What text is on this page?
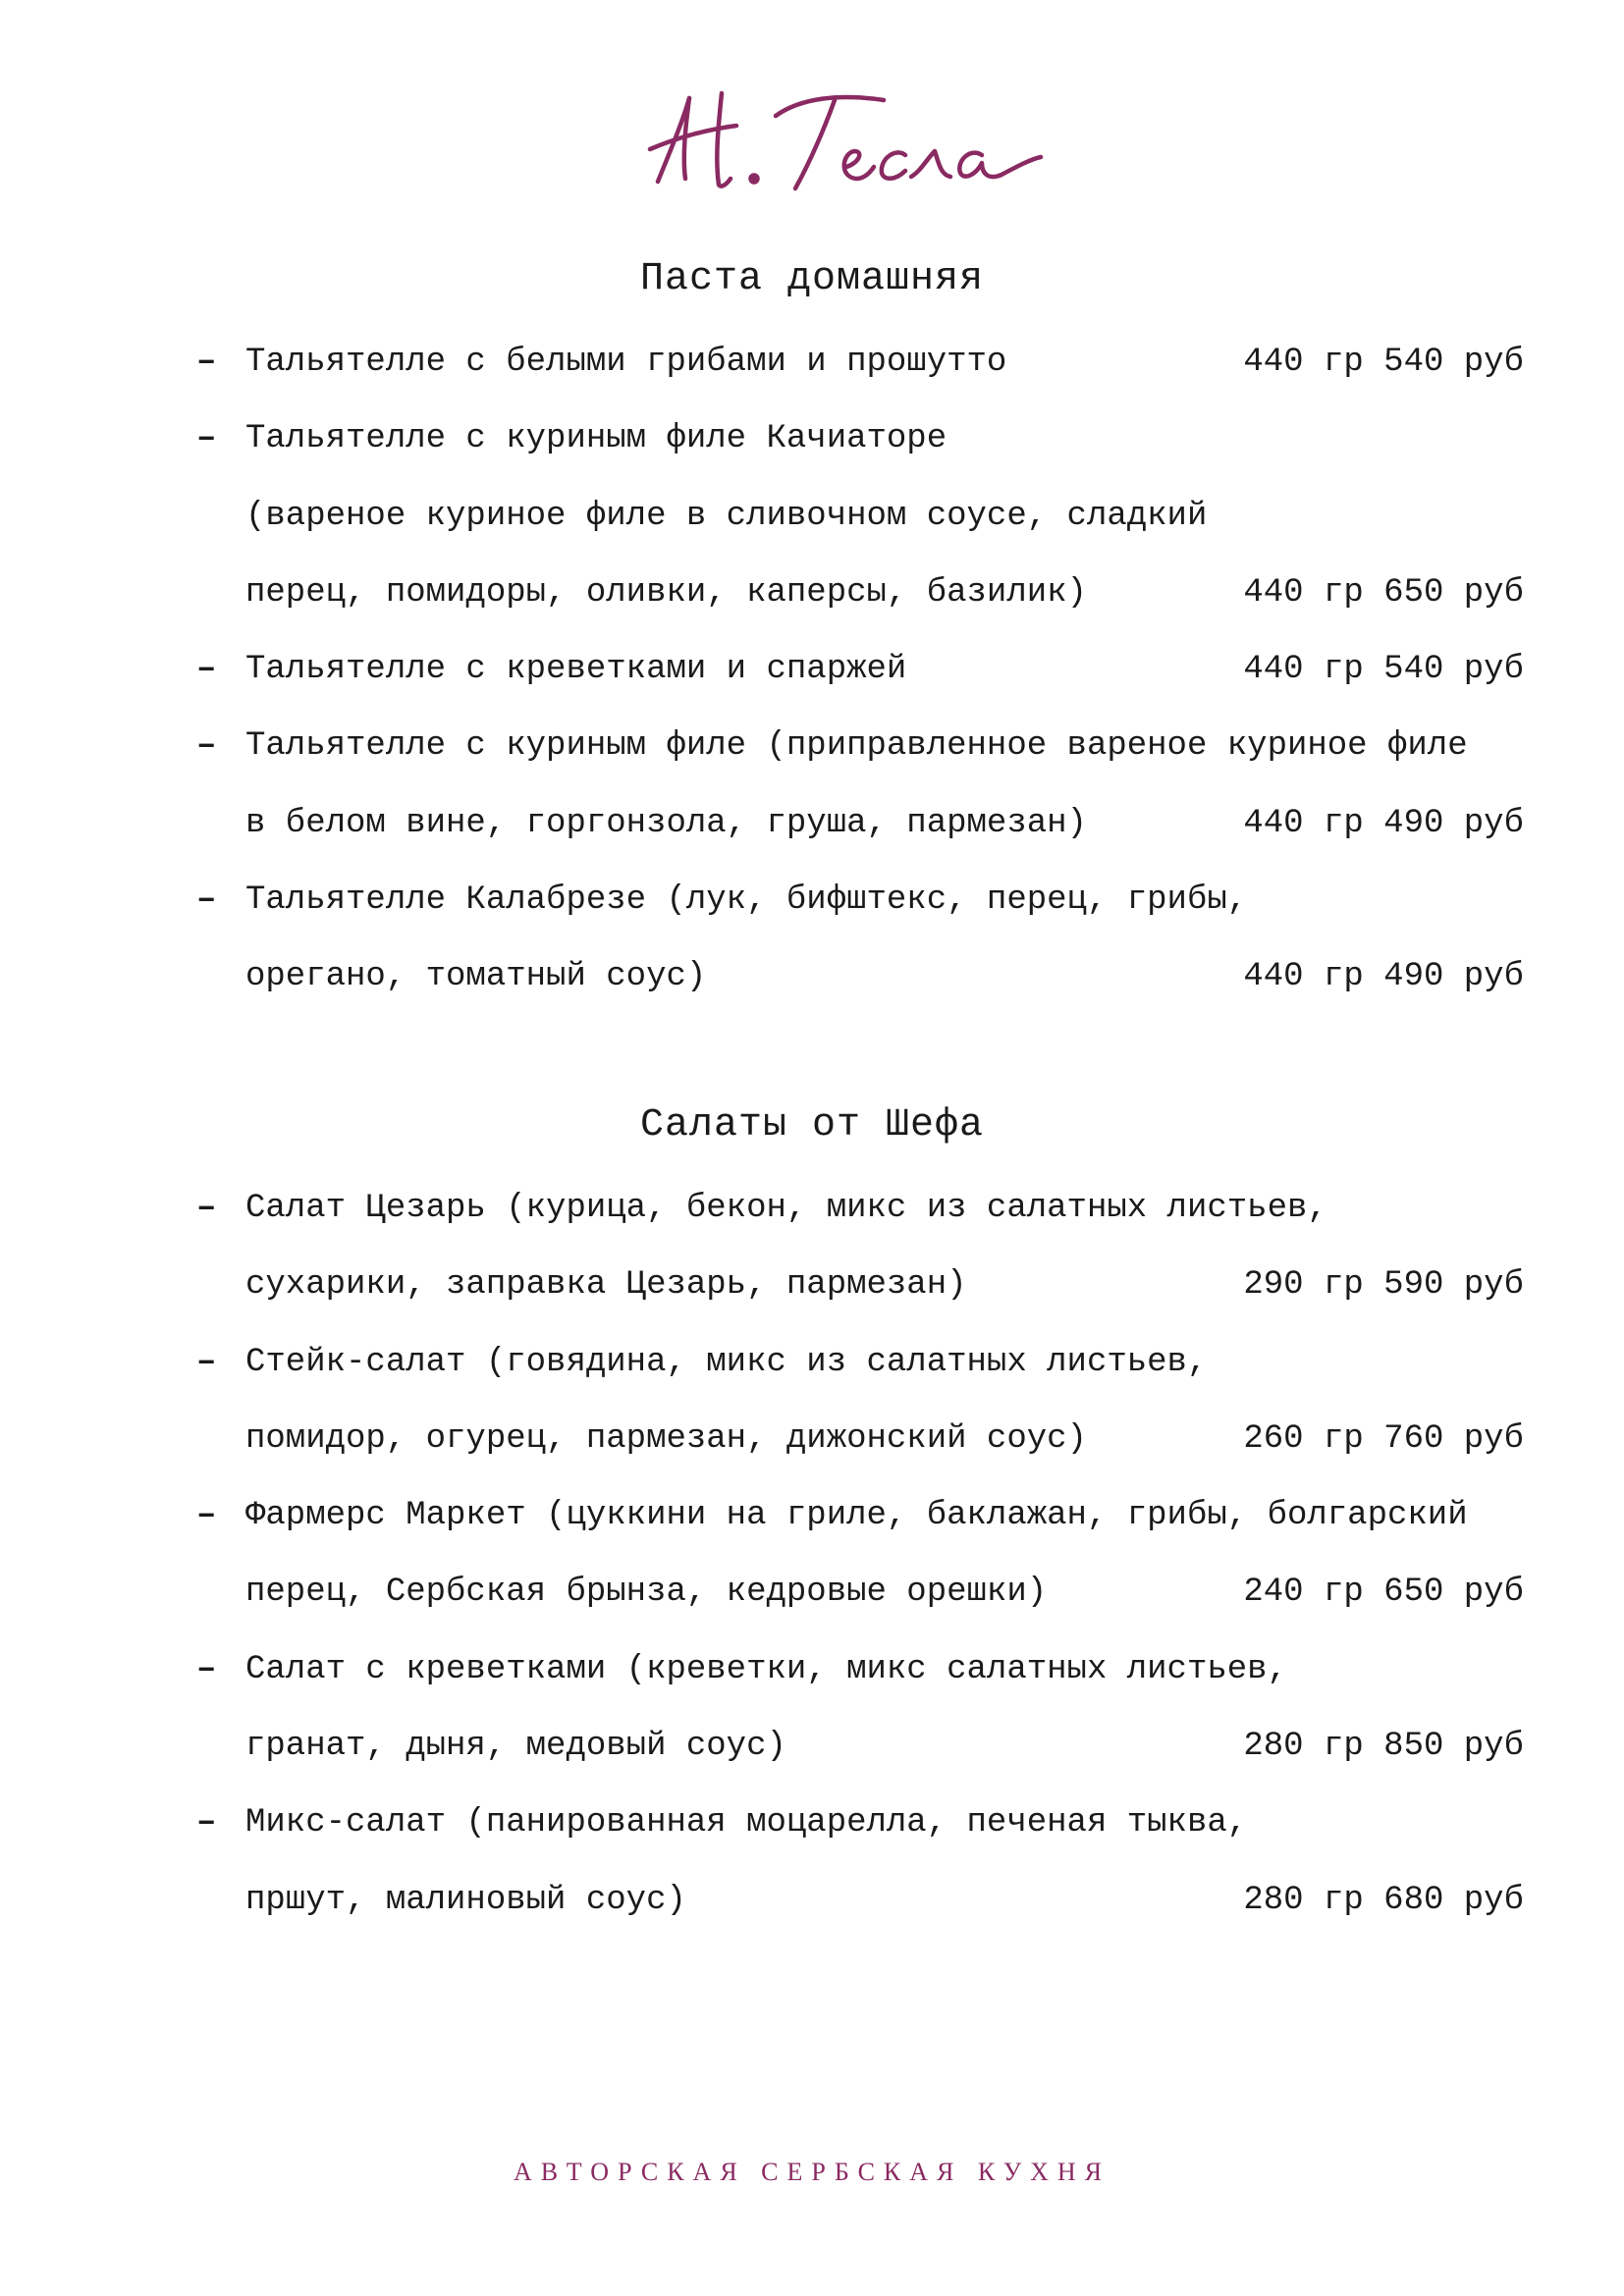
Паста домашняя
– Тальятелле с белыми грибами и прошутто	440 гр 540 руб
– Тальятелле с куриным филе Качиаторе
(вареное куриное филе в сливочном соусе, сладкий
перец, помидоры, оливки, каперсы, базилик)	440 гр 650 руб
– Тальятелле с креветками и спаржей	440 гр 540 руб
– Тальятелле с куриным филе (приправленное вареное куриное филе
в белом вине, горгонзола, груша, пармезан)	440 гр 490 руб
– Тальятелле Калабрезе (лук, бифштекс, перец, грибы,
орегано, томатный соус)	440 гр 490 руб
Салаты от Шефа
– Салат Цезарь (курица, бекон, микс из салатных листьев,
сухарики, заправка Цезарь, пармезан)	290 гр 590 руб
– Стейк-салат (говядина, микс из салатных листьев,
помидор, огурец, пармезан, дижонский соус)	260 гр 760 руб
– Фармерс Маркет (цуккини на гриле, баклажан, грибы, болгарский
перец, Сербская брынза, кедровые орешки)	240 гр 650 руб
– Салат с креветками (креветки, микс салатных листьев,
гранат, дыня, медовый соус)	280 гр 850 руб
– Микс-салат (панированная моцарелла, печеная тыква,
пршут, малиновый соус)	280 гр 680 руб
АВТОРСКАЯ СЕРБСКАЯ КУХНЯ
